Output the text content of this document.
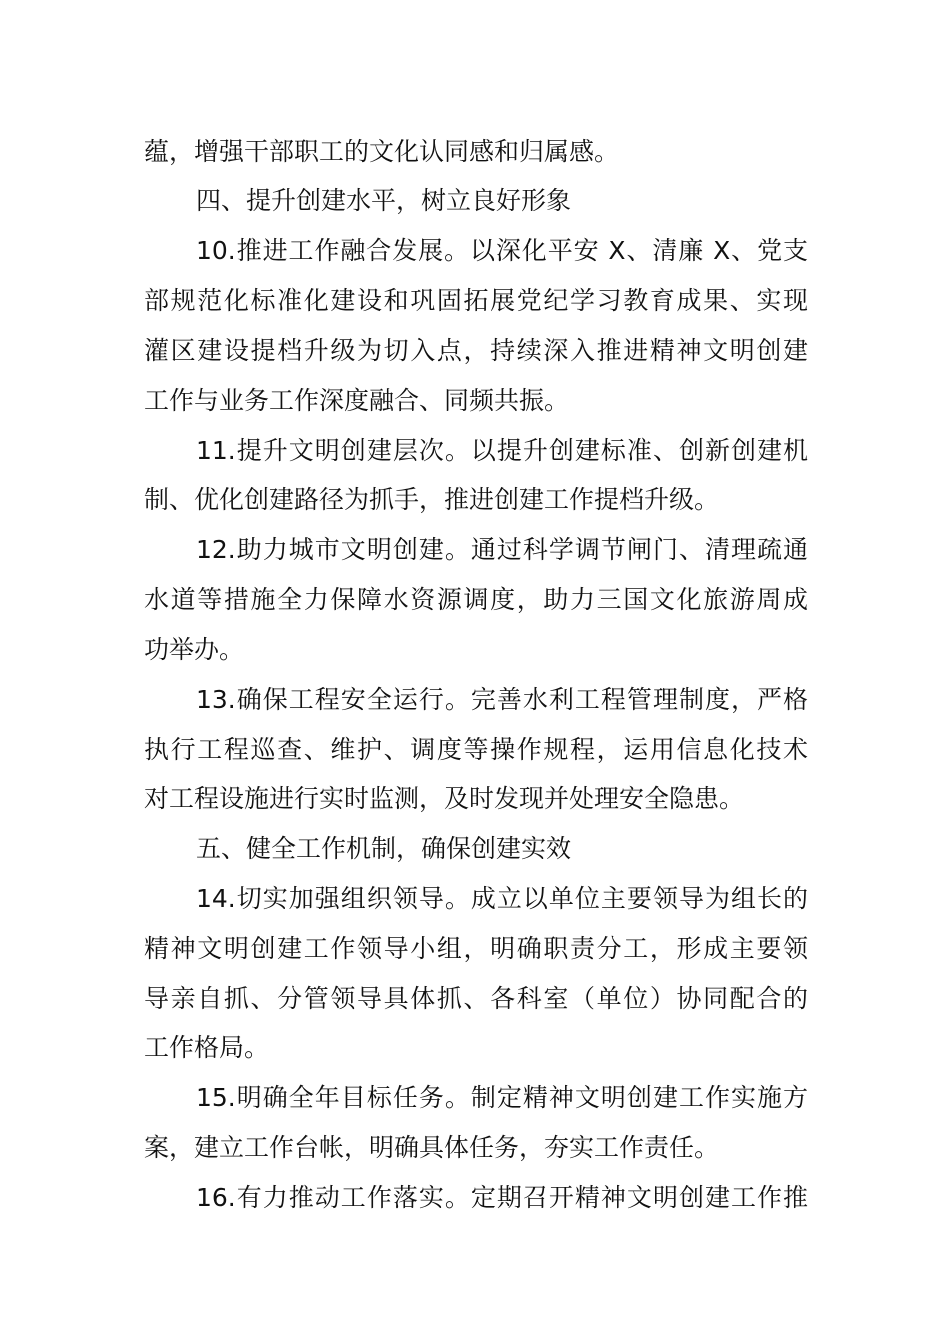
蕴，增强干部职工的文化认同感和归属感。
四、提升创建水平，树立良好形象
10.推进工作融合发展。以深化平安 X、清廉 X、党支
部规范化标准化建设和巩固拓展党纪学习教育成果、实现
灌区建设提档升级为切入点，持续深入推进精神文明创建
工作与业务工作深度融合、同频共振。
11.提升文明创建层次。以提升创建标准、创新创建机
制、优化创建路径为抓手，推进创建工作提档升级。
12.助力城市文明创建。通过科学调节闸门、清理疏通
水道等措施全力保障水资源调度，助力三国文化旅游周成
功举办。
13.确保工程安全运行。完善水利工程管理制度，严格
执行工程巡查、维护、调度等操作规程，运用信息化技术
对工程设施进行实时监测，及时发现并处理安全隐患。
五、健全工作机制，确保创建实效
14.切实加强组织领导。成立以单位主要领导为组长的
精神文明创建工作领导小组，明确职责分工，形成主要领
导亲自抓、分管领导具体抓、各科室（单位）协同配合的
工作格局。
15.明确全年目标任务。制定精神文明创建工作实施方
案，建立工作台帐，明确具体任务，夯实工作责任。
16.有力推动工作落实。定期召开精神文明创建工作推
